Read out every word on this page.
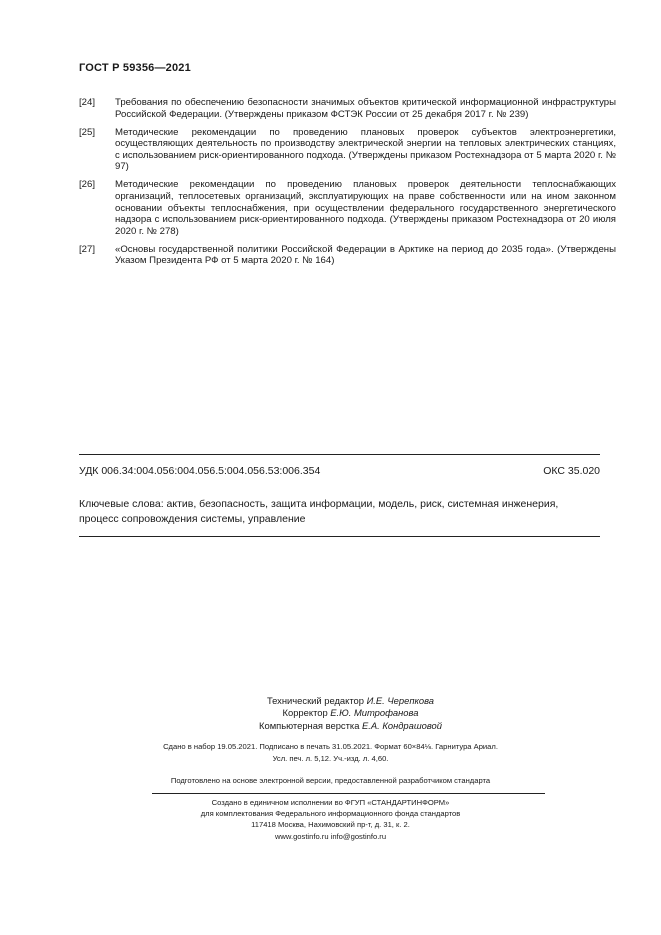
ГОСТ Р 59356—2021
[24]	Требования по обеспечению безопасности значимых объектов критической информационной инфраструктуры Российской Федерации. (Утверждены приказом ФСТЭК России от 25 декабря 2017 г. № 239)
[25]	Методические рекомендации по проведению плановых проверок субъектов электроэнергетики, осуществляющих деятельность по производству электрической энергии на тепловых электрических станциях, с использованием риск-ориентированного подхода. (Утверждены приказом Ростехнадзора от 5 марта 2020 г. № 97)
[26]	Методические рекомендации по проведению плановых проверок деятельности теплоснабжающих организаций, теплосетевых организаций, эксплуатирующих на праве собственности или на ином законном основании объекты теплоснабжения, при осуществлении федерального государственного энергетического надзора с использованием риск-ориентированного подхода. (Утверждены приказом Ростехнадзора от 20 июля 2020 г. № 278)
[27]	«Основы государственной политики Российской Федерации в Арктике на период до 2035 года». (Утверждены Указом Президента РФ от 5 марта 2020 г. № 164)
УДК 006.34:004.056:004.056.5:004.056.53:006.354	ОКС 35.020
Ключевые слова: актив, безопасность, защита информации, модель, риск, системная инженерия, процесс сопровождения системы, управление
Технический редактор И.Е. Черепкова
Корректор Е.Ю. Митрофанова
Компьютерная верстка Е.А. Кондрашовой
Сдано в набор 19.05.2021. Подписано в печать 31.05.2021. Формат 60×84⅛. Гарнитура Ариал.
Усл. печ. л. 5,12. Уч.-изд. л. 4,60.
Подготовлено на основе электронной версии, предоставленной разработчиком стандарта
Создано в единичном исполнении во ФГУП «СТАНДАРТИНФОРМ»
для комплектования Федерального информационного фонда стандартов
117418 Москва, Нахимовский пр-т, д. 31, к. 2.
www.gostinfo.ru info@gostinfo.ru
